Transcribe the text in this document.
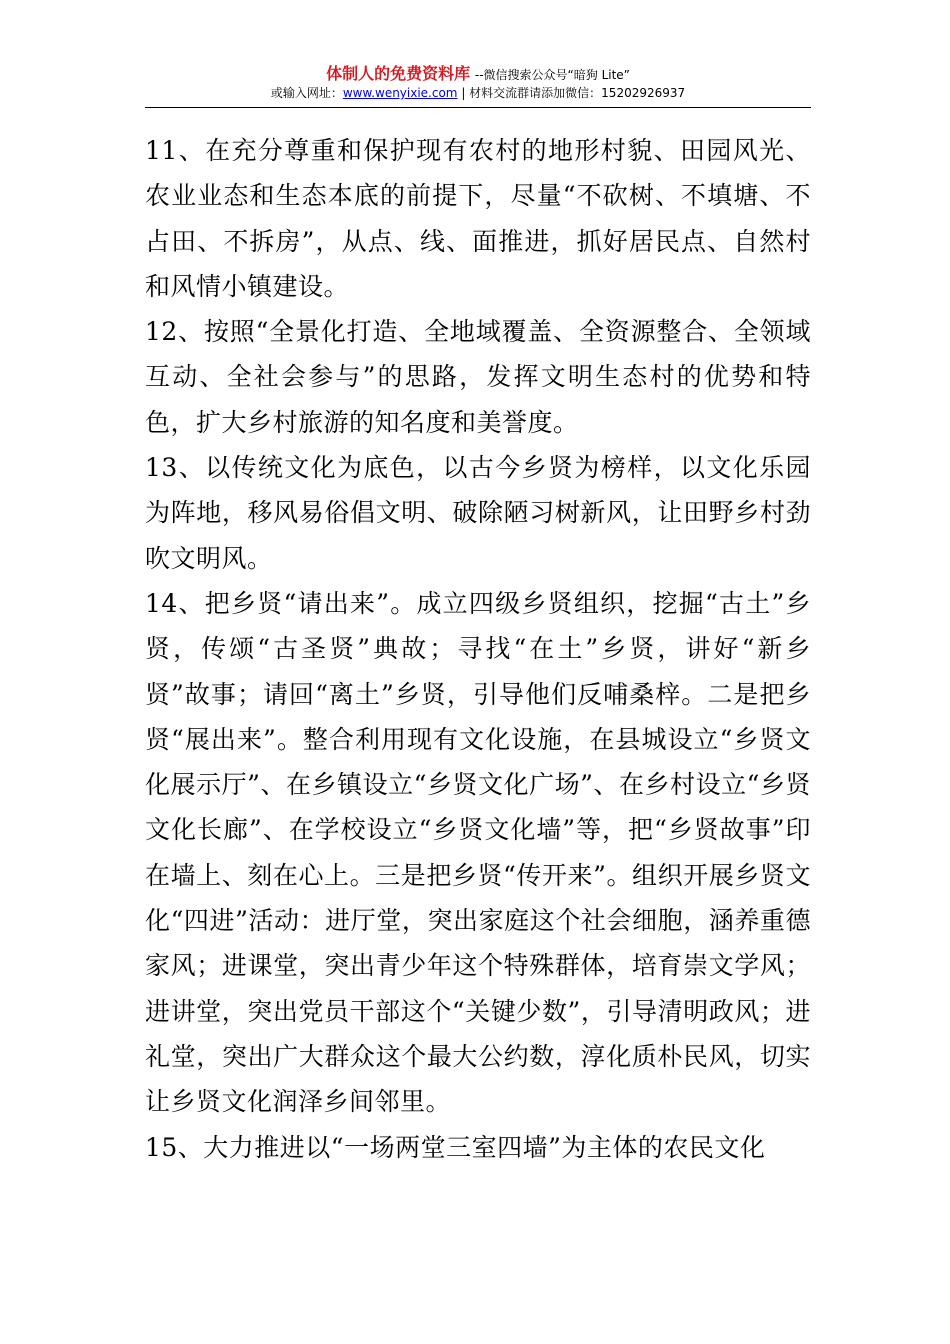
体制人的免费资料库 --微信搜索公众号“暗狗 Lite”
或输入网址：www.wenyixie.com | 材料交流群请添加微信：15202926937

11、在充分尊重和保护现有农村的地形村貌、田园风光、农业业态和生态本底的前提下，尽量“不砍树、不填塘、不占田、不拆房”，从点、线、面推进，抓好居民点、自然村和风情小镇建设。

12、按照“全景化打造、全地域覆盖、全资源整合、全领域互动、全社会参与”的思路，发挥文明生态村的优势和特色，扩大乡村旅游的知名度和美誉度。

13、以传统文化为底色，以古今乡贤为榜样，以文化乐园为阵地，移风易俗倡文明、破除陋习树新风，让田野乡村劲吹文明风。

14、把乡贤“请出来”。成立四级乡贤组织，挖掘“古土”乡贤，传颂“古圣贤”典故；寻找“在土”乡贤，讲好“新乡贤”故事；请回“离土”乡贤，引导他们反哺桑梓。二是把乡贤“展出来”。整合利用现有文化设施，在县城设立“乡贤文化展示厅”、在乡镇设立“乡贤文化广场”、在乡村设立“乡贤文化长廊”、在学校设立“乡贤文化墙”等，把“乡贤故事”印在墙上、刻在心上。三是把乡贤“传开来”。组织开展乡贤文化“四进”活动：进厅堂，突出家庭这个社会细胞，涵养重德家风；进课堂，突出青少年这个特殊群体，培育崇文学风；进讲堂，突出党员干部这个“关键少数”，引导清明政风；进礼堂，突出广大群众这个最大公约数，淳化质朴民风，切实让乡贤文化润泽乡间邻里。

15、大力推进以“一场两堂三室四墙”为主体的农民文化
